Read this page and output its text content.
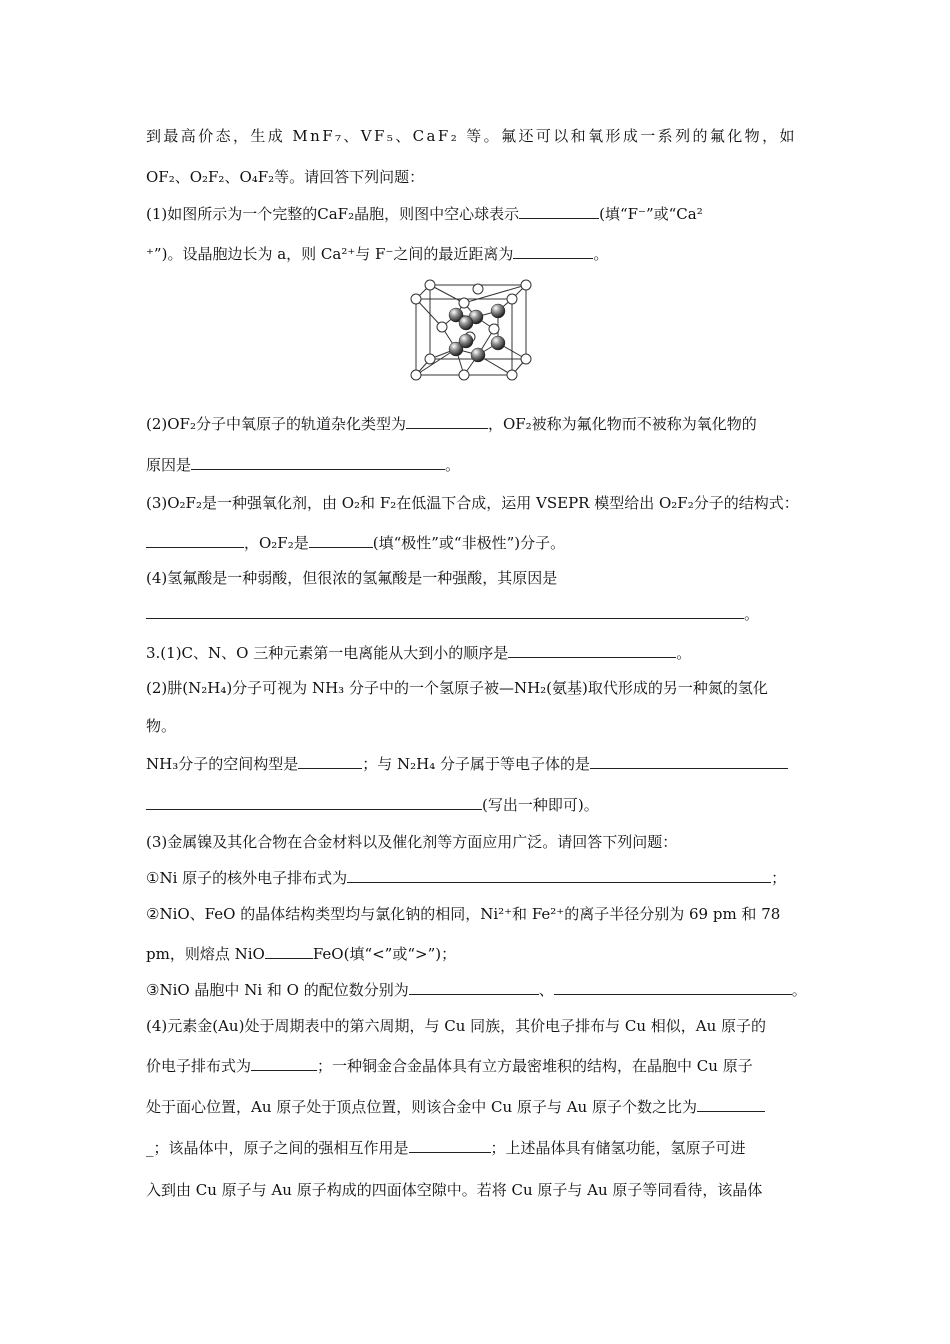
到最高价态，生成 MnF₇、VF₅、CaF₂ 等。氟还可以和氧形成一系列的氟化物，如
OF₂、O₂F₂、O₄F₂等。请回答下列问题：
(1)如图所示为一个完整的CaF₂晶胞，则图中空心球表示	(填“F⁻”或“Ca²
⁺”)。设晶胞边长为 a，则 Ca²⁺与 F⁻之间的最近距离为	。
(2)OF₂分子中氧原子的轨道杂化类型为	，OF₂被称为氟化物而不被称为氧化物的
原因是	。
(3)O₂F₂是一种强氧化剂，由 O₂和 F₂在低温下合成，运用 VSEPR 模型给出 O₂F₂分子的结构式：
，O₂F₂是	(填“极性”或“非极性”)分子。
(4)氢氟酸是一种弱酸，但很浓的氢氟酸是一种强酸，其原因是
。
3.(1)C、N、O 三种元素第一电离能从大到小的顺序是	。
(2)肼(N₂H₄)分子可视为 NH₃ 分子中的一个氢原子被—NH₂(氨基)取代形成的另一种氮的氢化
物。
NH₃分子的空间构型是	；与 N₂H₄ 分子属于等电子体的是
(写出一种即可)。
(3)金属镍及其化合物在合金材料以及催化剂等方面应用广泛。请回答下列问题：
①Ni 原子的核外电子排布式为	；
②NiO、FeO 的晶体结构类型均与氯化钠的相同，Ni²⁺和 Fe²⁺的离子半径分别为 69 pm 和 78
pm，则熔点 NiO	FeO(填“<”或“>”)；
③NiO 晶胞中 Ni 和 O 的配位数分别为	、	。
(4)元素金(Au)处于周期表中的第六周期，与 Cu 同族，其价电子排布与 Cu 相似，Au 原子的
价电子排布式为	；一种铜金合金晶体具有立方最密堆积的结构，在晶胞中 Cu 原子
处于面心位置，Au 原子处于顶点位置，则该合金中 Cu 原子与 Au 原子个数之比为
_；该晶体中，原子之间的强相互作用是	；上述晶体具有储氢功能，氢原子可进
入到由 Cu 原子与 Au 原子构成的四面体空隙中。若将 Cu 原子与 Au 原子等同看待，该晶体
